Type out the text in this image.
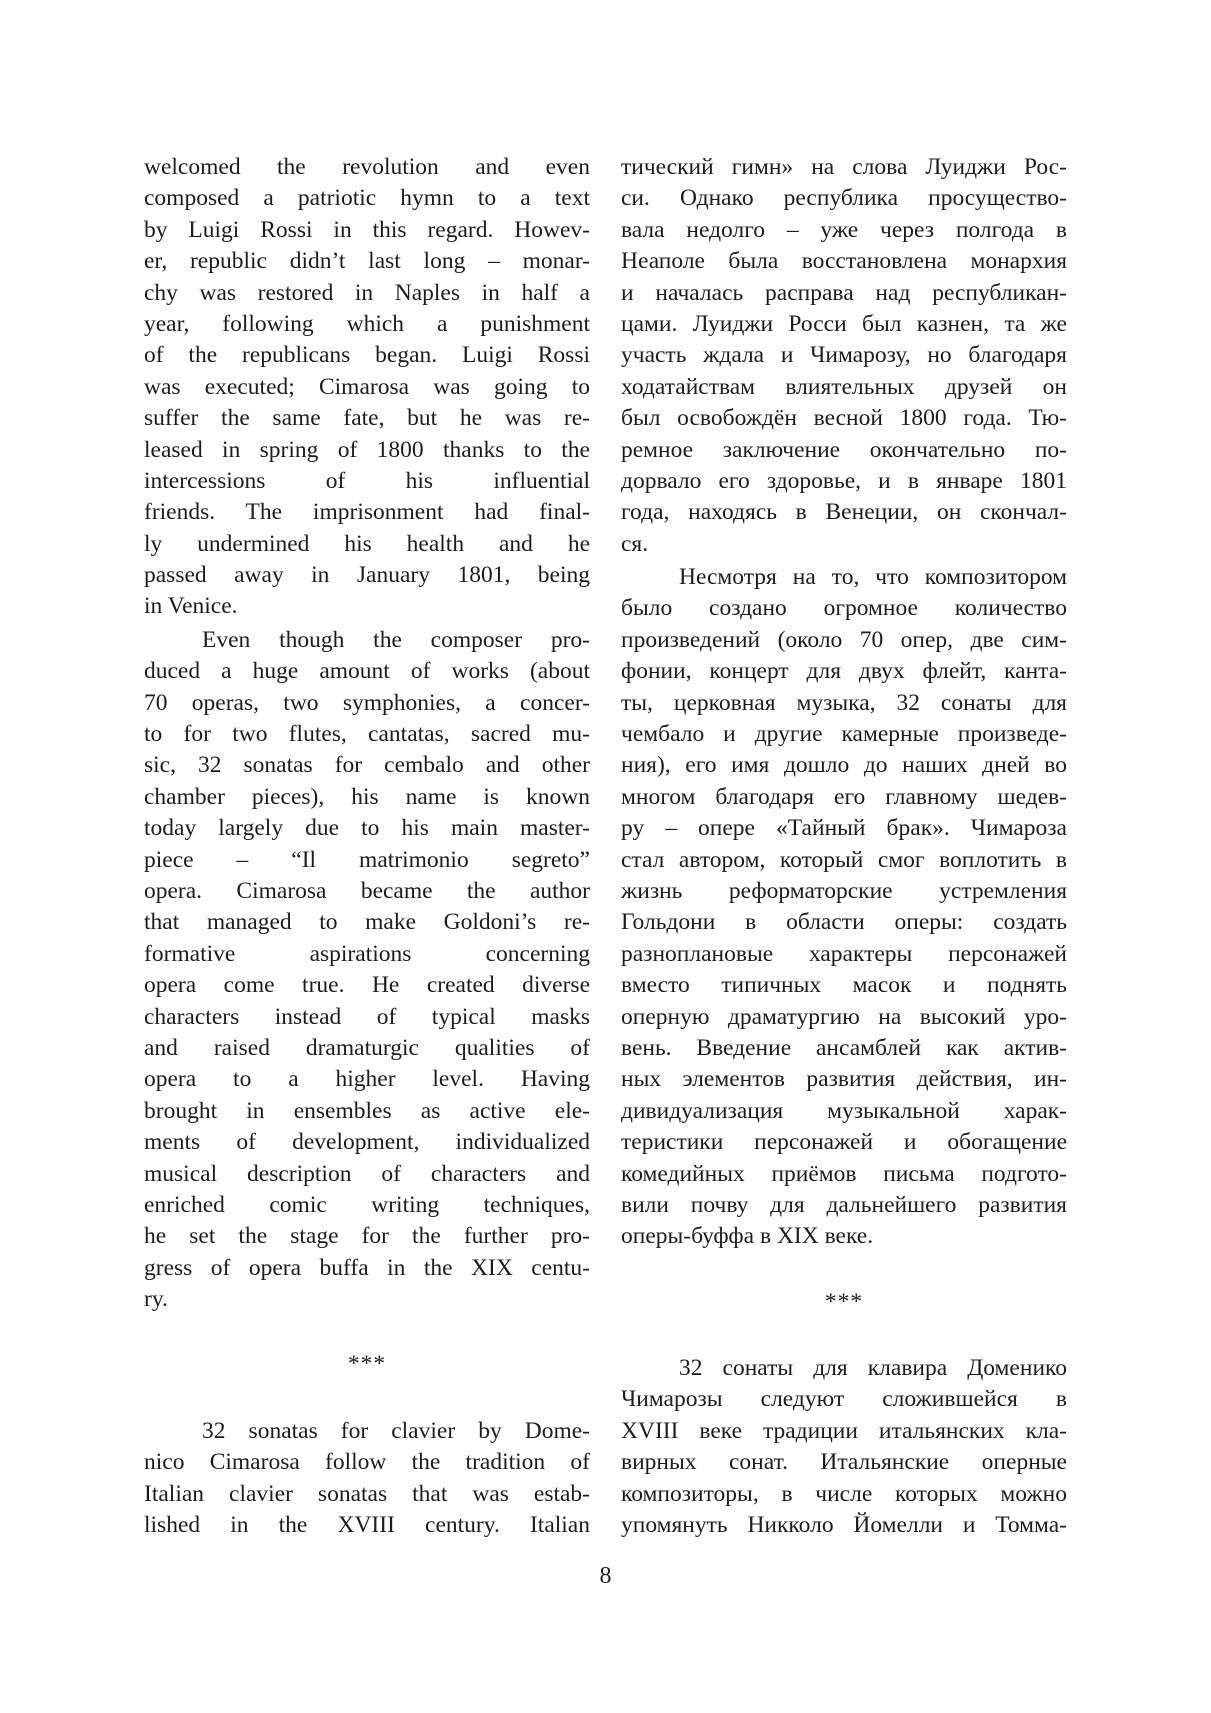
welcomed the revolution and even
composed a patriotic hymn to a text
by Luigi Rossi in this regard. Howev-
er, republic didn’t last long – monar-
chy was restored in Naples in half a
year, following which a punishment
of the republicans began. Luigi Rossi
was executed; Cimarosa was going to
suffer the same fate, but he was re-
leased in spring of 1800 thanks to the
intercessions of his influential
friends. The imprisonment had final-
ly undermined his health and he
passed away in January 1801, being
in Venice.
Even though the composer pro-
duced a huge amount of works (about
70 operas, two symphonies, a concer-
to for two flutes, cantatas, sacred mu-
sic, 32 sonatas for cembalo and other
chamber pieces), his name is known
today largely due to his main master-
piece – “Il matrimonio segreto”
opera. Cimarosa became the author
that managed to make Goldoni’s re-
formative aspirations concerning
opera come true. He created diverse
characters instead of typical masks
and raised dramaturgic qualities of
opera to a higher level. Having
brought in ensembles as active ele-
ments of development, individualized
musical description of characters and
enriched comic writing techniques,
he set the stage for the further pro-
gress of opera buffa in the XIX centu-
ry.
***
32 sonatas for clavier by Dome-
nico Cimarosa follow the tradition of
Italian clavier sonatas that was estab-
lished in the XVIII century. Italian
тический гимн» на слова Луиджи Рос-
си. Однако республика просущество-
вала недолго – уже через полгода в
Неаполе была восстановлена монархия
и началась расправа над республикан-
цами. Луиджи Росси был казнен, та же
участь ждала и Чимарозу, но благодаря
ходатайствам влиятельных друзей он
был освобождён весной 1800 года. Тю-
ремное заключение окончательно по-
дорвало его здоровье, и в январе 1801
года, находясь в Венеции, он скончал-
ся.
Несмотря на то, что композитором
было создано огромное количество
произведений (около 70 опер, две сим-
фонии, концерт для двух флейт, канта-
ты, церковная музыка, 32 сонаты для
чембало и другие камерные произведе-
ния), его имя дошло до наших дней во
многом благодаря его главному шедев-
ру – опере «Тайный брак». Чимароза
стал автором, который смог воплотить в
жизнь реформаторские устремления
Гольдони в области оперы: создать
разноплановые характеры персонажей
вместо типичных масок и поднять
оперную драматургию на высокий уро-
вень. Введение ансамблей как актив-
ных элементов развития действия, ин-
дивидуализация музыкальной харак-
теристики персонажей и обогащение
комедийных приёмов письма подгото-
вили почву для дальнейшего развития
оперы-буффа в XIX веке.
***
32 сонаты для клавира Доменико
Чимарозы следуют сложившейся в
XVIII веке традиции итальянских кла-
вирных сонат. Итальянские оперные
композиторы, в числе которых можно
упомянуть Никколо Йомелли и Томма-
8
